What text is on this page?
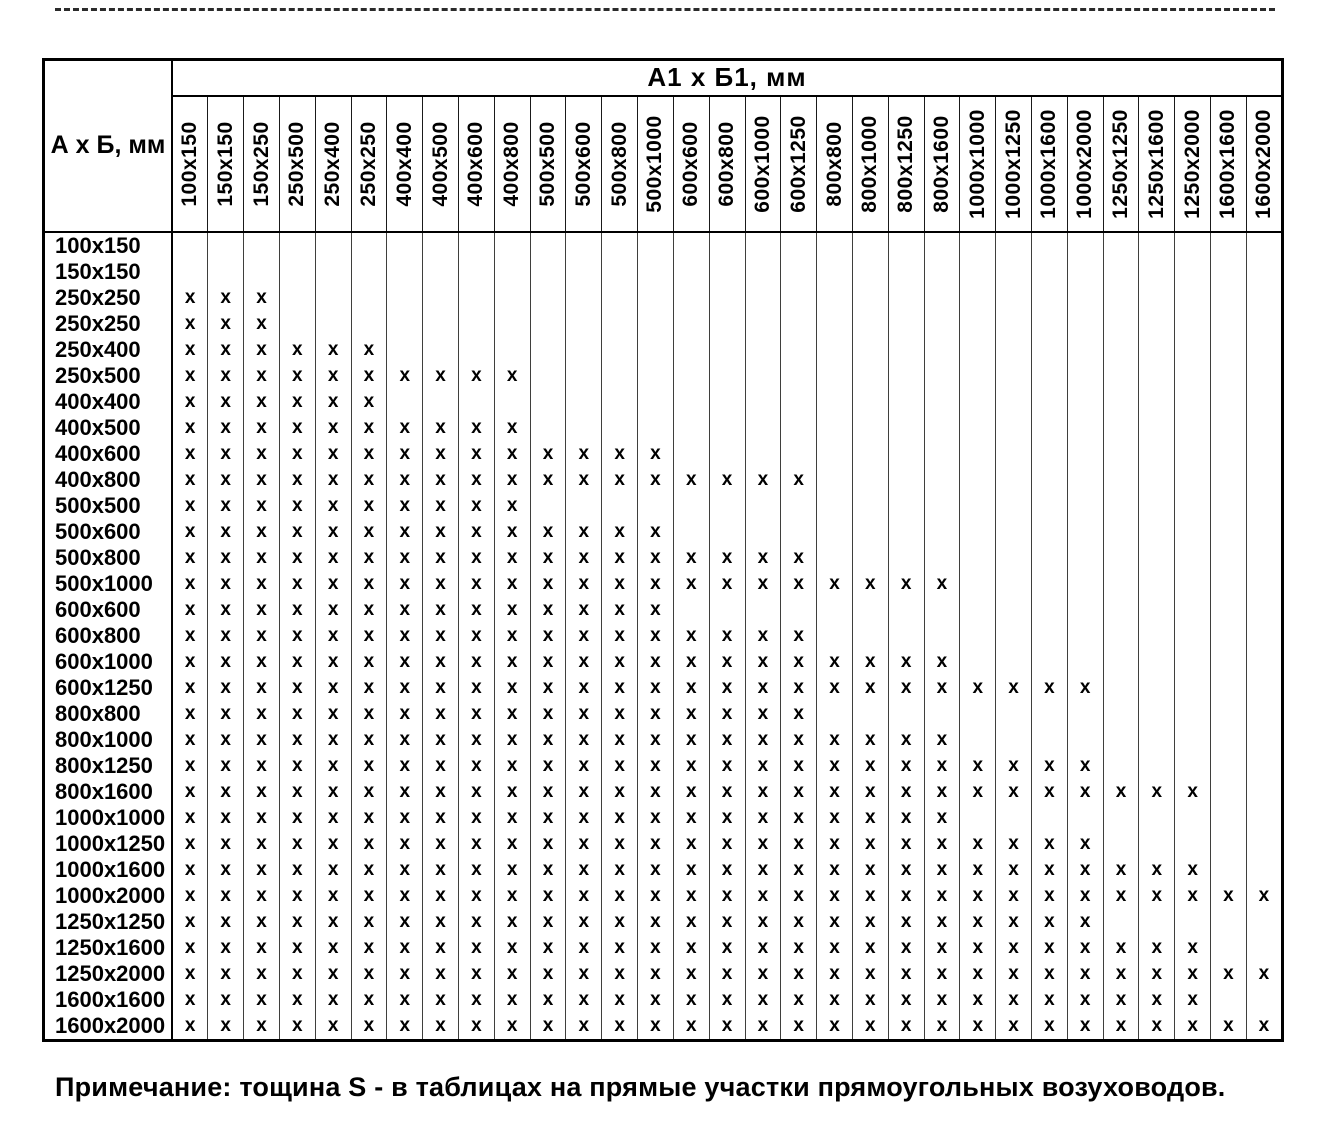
А х Б, мм	А1 х Б1, мм																														

	100x150	150x150	150x250	250x500	250x400	250x250	400x400	400x500	400x600	400x800	500x500	500x600	500x800	500x1000	600x600	600x800	600x1000	600x1250	800x800	800x1000	800x1250	800x1600	1000x1000	1000x1250	1000x1600	1000x2000	1250x1250	1250x1600	1250x2000	1600x1600	1600x2000

100x150																															
150x150																															
250x250	x	x	x																												
250x250	x	x	x																												
250x400	x	x	x	x	x	x																									
250x500	x	x	x	x	x	x	x	x	x	x																					
400x400	x	x	x	x	x	x																									
400x500	x	x	x	x	x	x	x	x	x	x																					
400x600	x	x	x	x	x	x	x	x	x	x	x	x	x	x																	
400x800	x	x	x	x	x	x	x	x	x	x	x	x	x	x	x	x	x	x													
500x500	x	x	x	x	x	x	x	x	x	x																					
500x600	x	x	x	x	x	x	x	x	x	x	x	x	x	x																	
500x800	x	x	x	x	x	x	x	x	x	x	x	x	x	x	x	x	x	x													
500x1000	x	x	x	x	x	x	x	x	x	x	x	x	x	x	x	x	x	x	x	x	x	x									
600x600	x	x	x	x	x	x	x	x	x	x	x	x	x	x																	
600x800	x	x	x	x	x	x	x	x	x	x	x	x	x	x	x	x	x	x													
600x1000	x	x	x	x	x	x	x	x	x	x	x	x	x	x	x	x	x	x	x	x	x	x									
600x1250	x	x	x	x	x	x	x	x	x	x	x	x	x	x	x	x	x	x	x	x	x	x	x	x	x	x					
800x800	x	x	x	x	x	x	x	x	x	x	x	x	x	x	x	x	x	x													
800x1000	x	x	x	x	x	x	x	x	x	x	x	x	x	x	x	x	x	x	x	x	x	x									
800x1250	x	x	x	x	x	x	x	x	x	x	x	x	x	x	x	x	x	x	x	x	x	x	x	x	x	x					
800x1600	x	x	x	x	x	x	x	x	x	x	x	x	x	x	x	x	x	x	x	x	x	x	x	x	x	x	x	x	x		
1000x1000	x	x	x	x	x	x	x	x	x	x	x	x	x	x	x	x	x	x	x	x	x	x									
1000x1250	x	x	x	x	x	x	x	x	x	x	x	x	x	x	x	x	x	x	x	x	x	x	x	x	x	x					
1000x1600	x	x	x	x	x	x	x	x	x	x	x	x	x	x	x	x	x	x	x	x	x	x	x	x	x	x	x	x	x		
1000x2000	x	x	x	x	x	x	x	x	x	x	x	x	x	x	x	x	x	x	x	x	x	x	x	x	x	x	x	x	x	x	x
1250x1250	x	x	x	x	x	x	x	x	x	x	x	x	x	x	x	x	x	x	x	x	x	x	x	x	x	x					
1250x1600	x	x	x	x	x	x	x	x	x	x	x	x	x	x	x	x	x	x	x	x	x	x	x	x	x	x	x	x	x		
1250x2000	x	x	x	x	x	x	x	x	x	x	x	x	x	x	x	x	x	x	x	x	x	x	x	x	x	x	x	x	x	x	x
1600x1600	x	x	x	x	x	x	x	x	x	x	x	x	x	x	x	x	x	x	x	x	x	x	x	x	x	x	x	x	x		
1600x2000	x	x	x	x	x	x	x	x	x	x	x	x	x	x	x	x	x	x	x	x	x	x	x	x	x	x	x	x	x	x	x
Примечание: тощина S - в таблицах на прямые участки прямоугольных возуховодов.
